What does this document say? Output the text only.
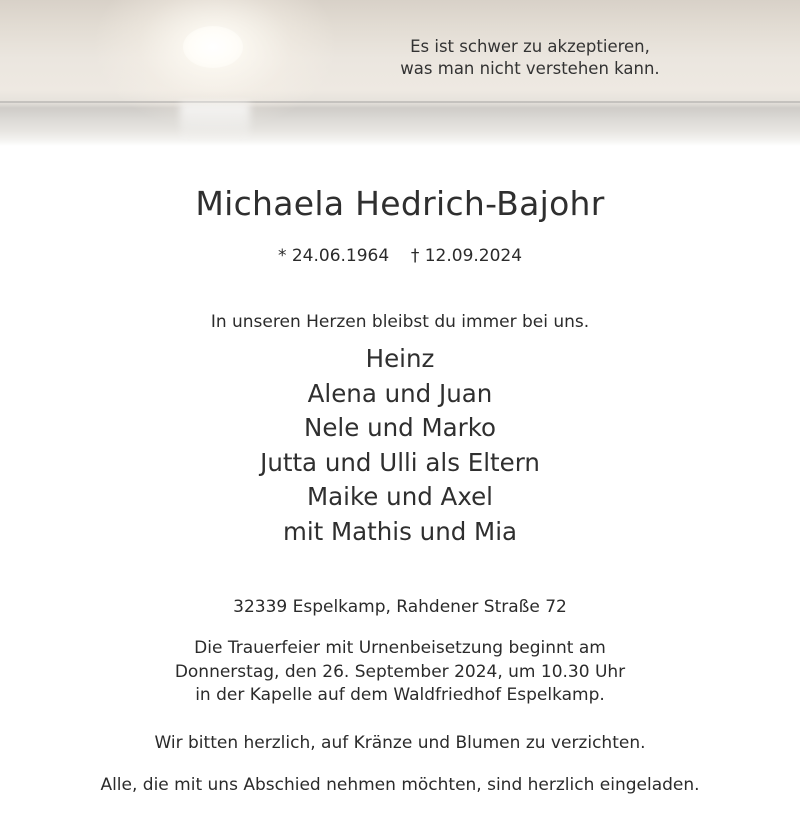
Es ist schwer zu akzeptieren,
was man nicht verstehen kann.
Michaela Hedrich-Bajohr
* 24.06.1964 † 12.09.2024
In unseren Herzen bleibst du immer bei uns.
Heinz
Alena und Juan
Nele und Marko
Jutta und Ulli als Eltern
Maike und Axel
mit Mathis und Mia
32339 Espelkamp, Rahdener Straße 72
Die Trauerfeier mit Urnenbeisetzung beginnt am
Donnerstag, den 26. September 2024, um 10.30 Uhr
in der Kapelle auf dem Waldfriedhof Espelkamp.
Wir bitten herzlich, auf Kränze und Blumen zu verzichten.
Alle, die mit uns Abschied nehmen möchten, sind herzlich eingeladen.
